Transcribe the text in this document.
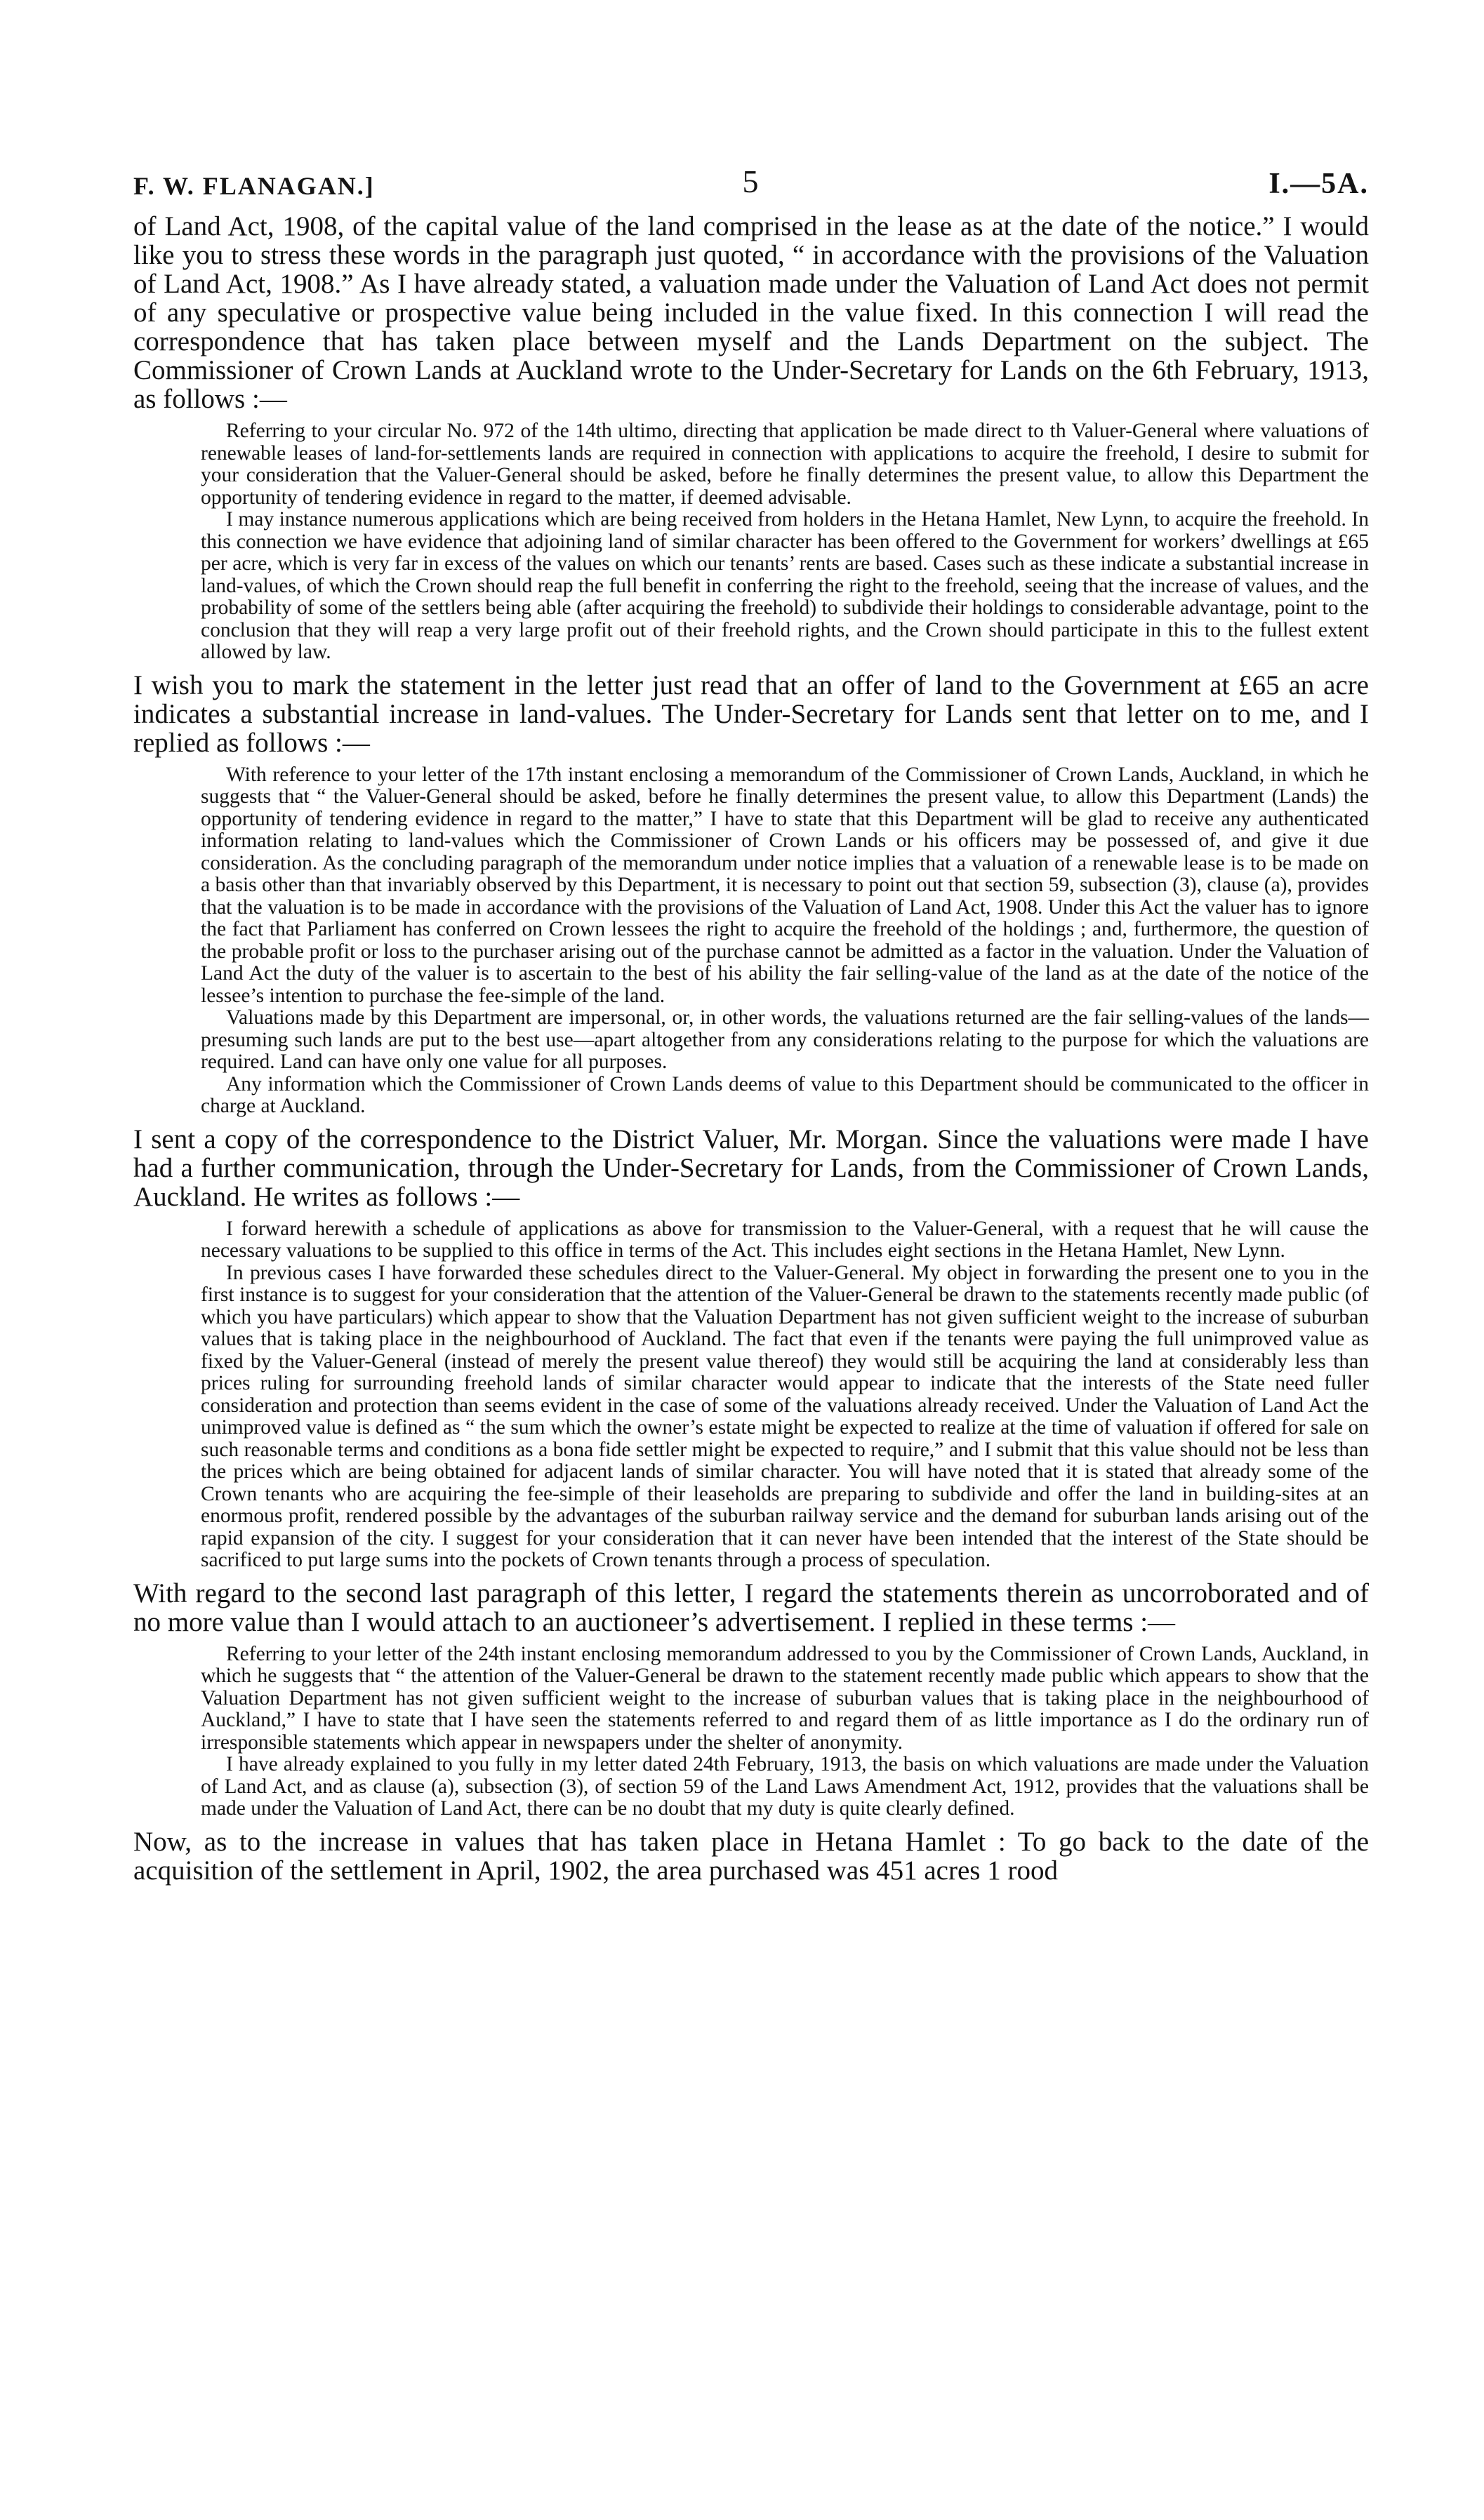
F. W. FLANAGAN.]	5	I.—5A.

of Land Act, 1908, of the capital value of the land comprised in the lease as at the date of the notice.” I would like you to stress these words in the paragraph just quoted, “ in accordance with the provisions of the Valuation of Land Act, 1908.” As I have already stated, a valuation made under the Valuation of Land Act does not permit of any speculative or prospective value being included in the value fixed. In this connection I will read the correspondence that has taken place between myself and the Lands Department on the subject. The Commissioner of Crown Lands at Auckland wrote to the Under-Secretary for Lands on the 6th February, 1913, as follows :—

Referring to your circular No. 972 of the 14th ultimo, directing that application be made direct to th Valuer-General where valuations of renewable leases of land-for-settlements lands are required in connection with applications to acquire the freehold, I desire to submit for your consideration that the Valuer-General should be asked, before he finally determines the present value, to allow this Department the opportunity of tendering evidence in regard to the matter, if deemed advisable.

I may instance numerous applications which are being received from holders in the Hetana Hamlet, New Lynn, to acquire the freehold. In this connection we have evidence that adjoining land of similar character has been offered to the Government for workers’ dwellings at £65 per acre, which is very far in excess of the values on which our tenants’ rents are based. Cases such as these indicate a substantial increase in land-values, of which the Crown should reap the full benefit in conferring the right to the freehold, seeing that the increase of values, and the probability of some of the settlers being able (after acquiring the freehold) to subdivide their holdings to considerable advantage, point to the conclusion that they will reap a very large profit out of their freehold rights, and the Crown should participate in this to the fullest extent allowed by law.

I wish you to mark the statement in the letter just read that an offer of land to the Government at £65 an acre indicates a substantial increase in land-values. The Under-Secretary for Lands sent that letter on to me, and I replied as follows :—

With reference to your letter of the 17th instant enclosing a memorandum of the Commissioner of Crown Lands, Auckland, in which he suggests that “ the Valuer-General should be asked, before he finally determines the present value, to allow this Department (Lands) the opportunity of tendering evidence in regard to the matter,” I have to state that this Department will be glad to receive any authenticated information relating to land-values which the Commissioner of Crown Lands or his officers may be possessed of, and give it due consideration. As the concluding paragraph of the memorandum under notice implies that a valuation of a renewable lease is to be made on a basis other than that invariably observed by this Department, it is necessary to point out that section 59, subsection (3), clause (a), provides that the valuation is to be made in accordance with the provisions of the Valuation of Land Act, 1908. Under this Act the valuer has to ignore the fact that Parliament has conferred on Crown lessees the right to acquire the freehold of the holdings ; and, furthermore, the question of the probable profit or loss to the purchaser arising out of the purchase cannot be admitted as a factor in the valuation. Under the Valuation of Land Act the duty of the valuer is to ascertain to the best of his ability the fair selling-value of the land as at the date of the notice of the lessee’s intention to purchase the fee-simple of the land.

Valuations made by this Department are impersonal, or, in other words, the valuations returned are the fair selling-values of the lands—presuming such lands are put to the best use—apart altogether from any considerations relating to the purpose for which the valuations are required. Land can have only one value for all purposes.

Any information which the Commissioner of Crown Lands deems of value to this Department should be communicated to the officer in charge at Auckland.

I sent a copy of the correspondence to the District Valuer, Mr. Morgan. Since the valuations were made I have had a further communication, through the Under-Secretary for Lands, from the Commissioner of Crown Lands, Auckland. He writes as follows :—

I forward herewith a schedule of applications as above for transmission to the Valuer-General, with a request that he will cause the necessary valuations to be supplied to this office in terms of the Act. This includes eight sections in the Hetana Hamlet, New Lynn.

In previous cases I have forwarded these schedules direct to the Valuer-General. My object in forwarding the present one to you in the first instance is to suggest for your consideration that the attention of the Valuer-General be drawn to the statements recently made public (of which you have particulars) which appear to show that the Valuation Department has not given sufficient weight to the increase of suburban values that is taking place in the neighbourhood of Auckland. The fact that even if the tenants were paying the full unimproved value as fixed by the Valuer-General (instead of merely the present value thereof) they would still be acquiring the land at considerably less than prices ruling for surrounding freehold lands of similar character would appear to indicate that the interests of the State need fuller consideration and protection than seems evident in the case of some of the valuations already received. Under the Valuation of Land Act the unimproved value is defined as “ the sum which the owner’s estate might be expected to realize at the time of valuation if offered for sale on such reasonable terms and conditions as a bona fide settler might be expected to require,” and I submit that this value should not be less than the prices which are being obtained for adjacent lands of similar character. You will have noted that it is stated that already some of the Crown tenants who are acquiring the fee-simple of their leaseholds are preparing to subdivide and offer the land in building-sites at an enormous profit, rendered possible by the advantages of the suburban railway service and the demand for suburban lands arising out of the rapid expansion of the city. I suggest for your consideration that it can never have been intended that the interest of the State should be sacrificed to put large sums into the pockets of Crown tenants through a process of speculation.

With regard to the second last paragraph of this letter, I regard the statements therein as uncorroborated and of no more value than I would attach to an auctioneer’s advertisement. I replied in these terms :—

Referring to your letter of the 24th instant enclosing memorandum addressed to you by the Commissioner of Crown Lands, Auckland, in which he suggests that “ the attention of the Valuer-General be drawn to the statement recently made public which appears to show that the Valuation Department has not given sufficient weight to the increase of suburban values that is taking place in the neighbourhood of Auckland,” I have to state that I have seen the statements referred to and regard them of as little importance as I do the ordinary run of irresponsible statements which appear in newspapers under the shelter of anonymity.

I have already explained to you fully in my letter dated 24th February, 1913, the basis on which valuations are made under the Valuation of Land Act, and as clause (a), subsection (3), of section 59 of the Land Laws Amendment Act, 1912, provides that the valuations shall be made under the Valuation of Land Act, there can be no doubt that my duty is quite clearly defined.

Now, as to the increase in values that has taken place in Hetana Hamlet : To go back to the date of the acquisition of the settlement in April, 1902, the area purchased was 451 acres 1 rood
